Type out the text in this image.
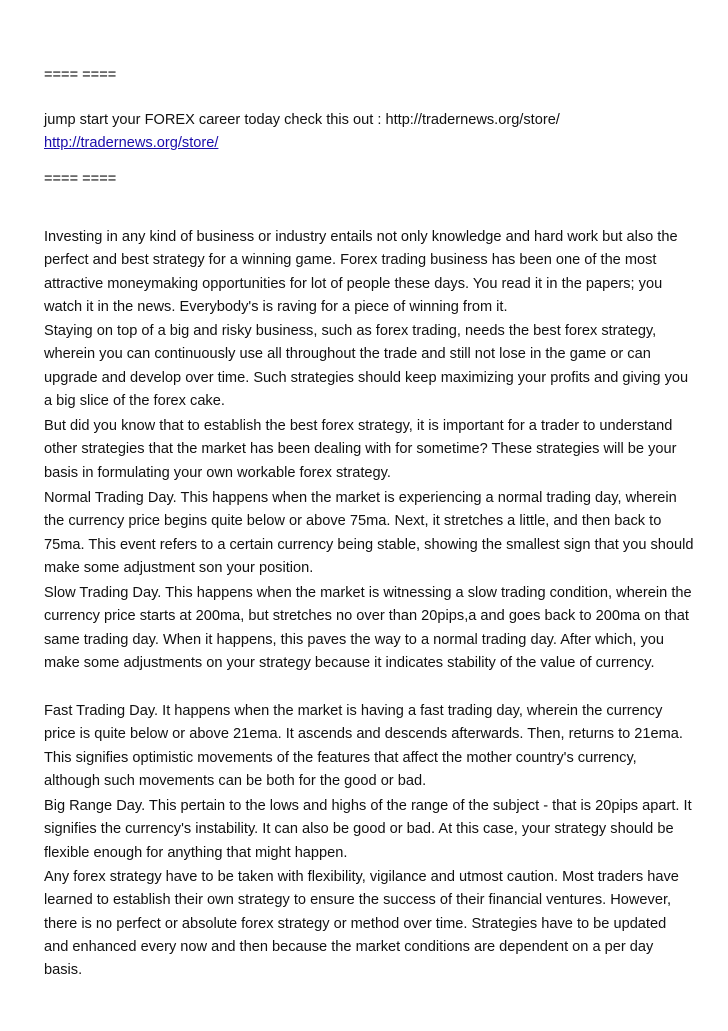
==== ====
jump start your FOREX career today check this out : http://tradernews.org/store/
http://tradernews.org/store/
==== ====

Investing in any kind of business or industry entails not only knowledge and hard work but also the perfect and best strategy for a winning game. Forex trading business has been one of the most attractive moneymaking opportunities for lot of people these days. You read it in the papers; you watch it in the news. Everybody's is raving for a piece of winning from it.

Staying on top of a big and risky business, such as forex trading, needs the best forex strategy, wherein you can continuously use all throughout the trade and still not lose in the game or can upgrade and develop over time. Such strategies should keep maximizing your profits and giving you a big slice of the forex cake.

But did you know that to establish the best forex strategy, it is important for a trader to understand other strategies that the market has been dealing with for sometime? These strategies will be your basis in formulating your own workable forex strategy.

Normal Trading Day. This happens when the market is experiencing a normal trading day, wherein the currency price begins quite below or above 75ma. Next, it stretches a little, and then back to 75ma. This event refers to a certain currency being stable, showing the smallest sign that you should make some adjustment son your position.

Slow Trading Day. This happens when the market is witnessing a slow trading condition, wherein the currency price starts at 200ma, but stretches no over than 20pips,a and goes back to 200ma on that same trading day. When it happens, this paves the way to a normal trading day. After which, you make some adjustments on your strategy because it indicates stability of the value of currency.

Fast Trading Day. It happens when the market is having a fast trading day, wherein the currency price is quite below or above 21ema. It ascends and descends afterwards. Then, returns to 21ema. This signifies optimistic movements of the features that affect the mother country's currency, although such movements can be both for the good or bad.

Big Range Day. This pertain to the lows and highs of the range of the subject - that is 20pips apart. It signifies the currency's instability. It can also be good or bad. At this case, your strategy should be flexible enough for anything that might happen.

Any forex strategy have to be taken with flexibility, vigilance and utmost caution. Most traders have learned to establish their own strategy to ensure the success of their financial ventures. However, there is no perfect or absolute forex strategy or method over time. Strategies have to be updated and enhanced every now and then because the market conditions are dependent on a per day basis.
